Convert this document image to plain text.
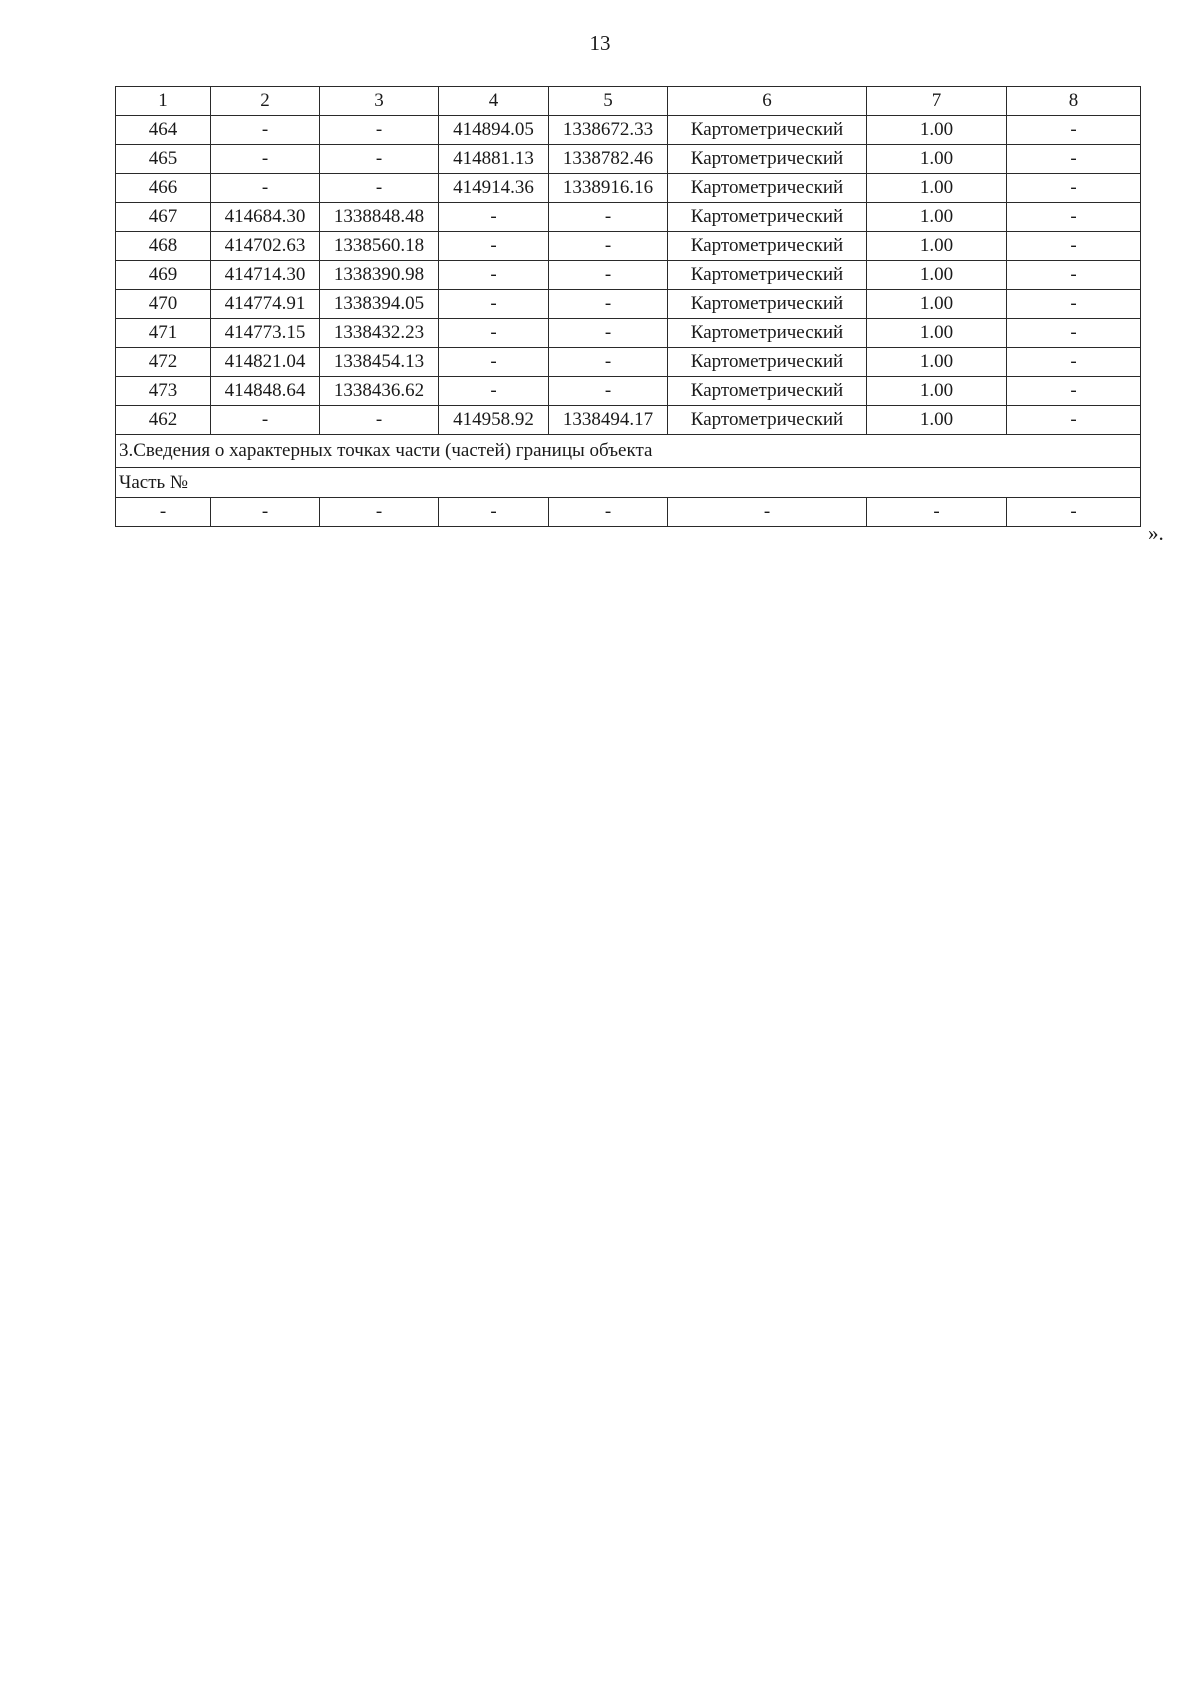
13
1	2	3	4	5	6	7	8
464	-	-	414894.05	1338672.33	Картометрический	1.00	-
465	-	-	414881.13	1338782.46	Картометрический	1.00	-
466	-	-	414914.36	1338916.16	Картометрический	1.00	-
467	414684.30	1338848.48	-	-	Картометрический	1.00	-
468	414702.63	1338560.18	-	-	Картометрический	1.00	-
469	414714.30	1338390.98	-	-	Картометрический	1.00	-
470	414774.91	1338394.05	-	-	Картометрический	1.00	-
471	414773.15	1338432.23	-	-	Картометрический	1.00	-
472	414821.04	1338454.13	-	-	Картометрический	1.00	-
473	414848.64	1338436.62	-	-	Картометрический	1.00	-
462	-	-	414958.92	1338494.17	Картометрический	1.00	-
3.Сведения о характерных точках части (частей) границы объекта							
Часть №							
-	-	-	-	-	-	-	-
».
